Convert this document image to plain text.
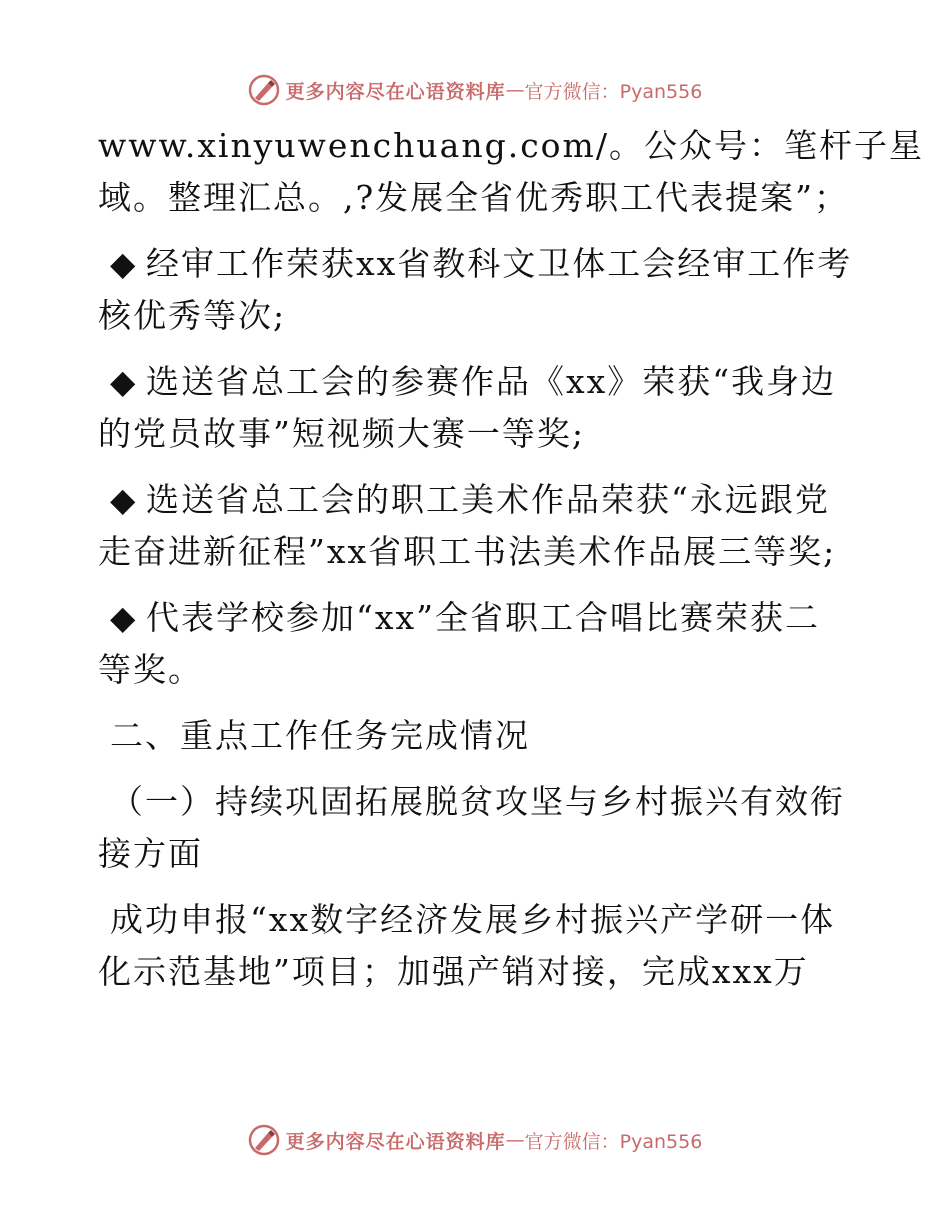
更多内容尽在心语资料库 — 官方微信：Pyan556

www.xinyuwenchuang.com/。公众号：笔杆子星

域。整理汇总。,?发展全省优秀职工代表提案”；

◆ 经审工作荣获xx省教科文卫体工会经审工作考

核优秀等次;

◆ 选送省总工会的参赛作品《xx》荣获“我身边

的党员故事”短视频大赛一等奖;

◆ 选送省总工会的职工美术作品荣获“永远跟党

走奋进新征程”xx省职工书法美术作品展三等奖;

◆ 代表学校参加“xx”全省职工合唱比赛荣获二

等奖。

二、重点工作任务完成情况

（一）持续巩固拓展脱贫攻坚与乡村振兴有效衔

接方面

成功申报“xx数字经济发展乡村振兴产学研一体

化示范基地”项目；加强产销对接，完成xxx万

更多内容尽在心语资料库 — 官方微信：Pyan556
